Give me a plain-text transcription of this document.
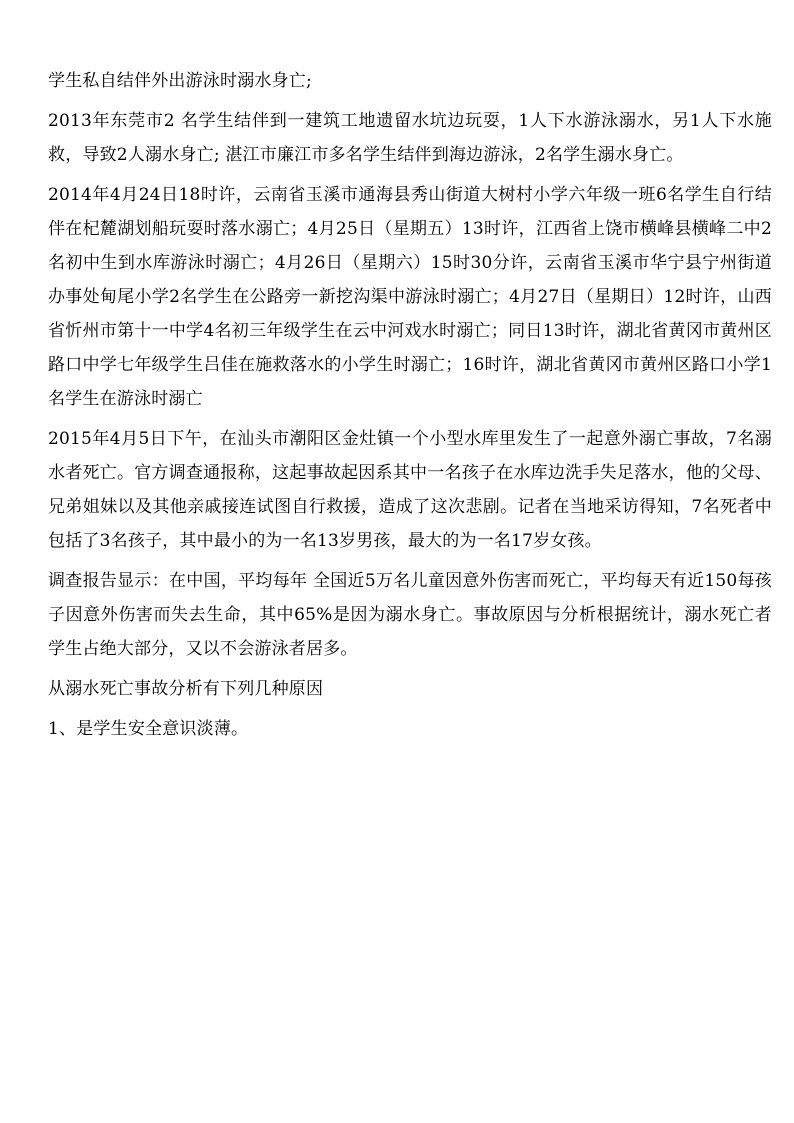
学生私自结伴外出游泳时溺水身亡;

2013年东莞市2 名学生结伴到一建筑工地遗留水坑边玩耍，1人下水游泳溺水，另1人下水施救，导致2人溺水身亡; 湛江市廉江市多名学生结伴到海边游泳，2名学生溺水身亡。

2014年4月24日18时许，云南省玉溪市通海县秀山街道大树村小学六年级一班6名学生自行结伴在杞麓湖划船玩耍时落水溺亡；4月25日（星期五）13时许，江西省上饶市横峰县横峰二中2名初中生到水库游泳时溺亡；4月26日（星期六）15时30分许，云南省玉溪市华宁县宁州街道办事处甸尾小学2名学生在公路旁一新挖沟渠中游泳时溺亡；4月27日（星期日）12时许，山西省忻州市第十一中学4名初三年级学生在云中河戏水时溺亡；同日13时许，湖北省黄冈市黄州区路口中学七年级学生吕佳在施救落水的小学生时溺亡；16时许，湖北省黄冈市黄州区路口小学1名学生在游泳时溺亡

2015年4月5日下午，在汕头市潮阳区金灶镇一个小型水库里发生了一起意外溺亡事故，7名溺水者死亡。官方调查通报称，这起事故起因系其中一名孩子在水库边洗手失足落水，他的父母、兄弟姐妹以及其他亲戚接连试图自行救援，造成了这次悲剧。记者在当地采访得知，7名死者中包括了3名孩子，其中最小的为一名13岁男孩，最大的为一名17岁女孩。

调查报告显示：在中国，平均每年 全国近5万名儿童因意外伤害而死亡，平均每天有近150每孩子因意外伤害而失去生命，其中65%是因为溺水身亡。事故原因与分析根据统计，溺水死亡者学生占绝大部分，又以不会游泳者居多。

从溺水死亡事故分析有下列几种原因

1、是学生安全意识淡薄。
